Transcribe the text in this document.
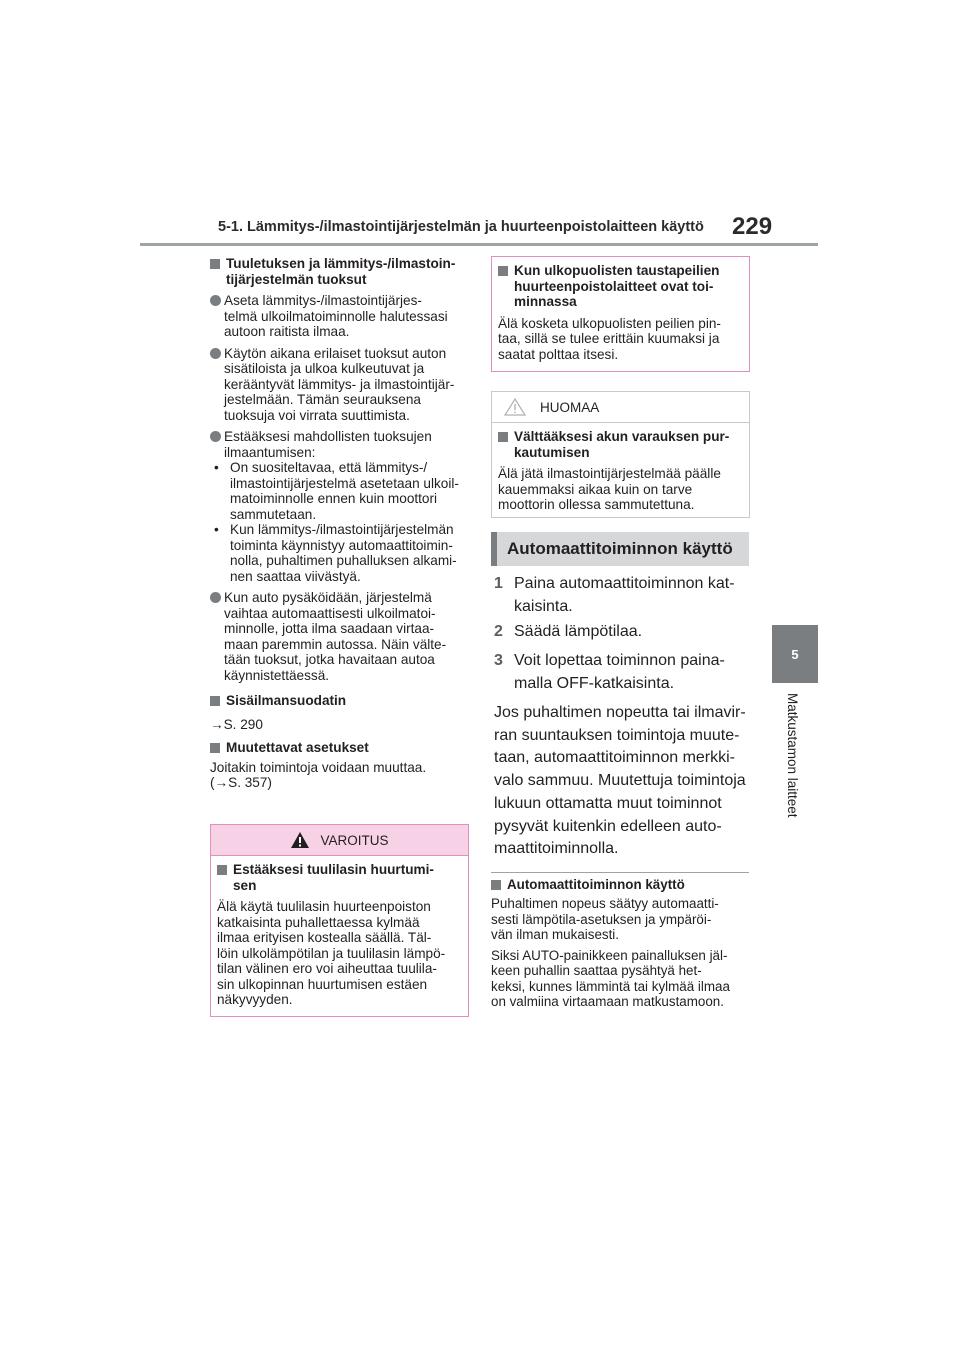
5-1. Lämmitys-/ilmastointijärjestelmän ja huurteenpoistolaitteen käyttö 229
5
Matkustamon laitteet
Tuuletuksen ja lämmitys-/ilmastoin-
tijärjestelmän tuoksut

Aseta lämmitys-/ilmastointijärjes-
telmä ulkoilmatoiminnolle halutessasi
autoon raitista ilmaa.

Käytön aikana erilaiset tuoksut auton
sisätiloista ja ulkoa kulkeutuvat ja
kerääntyvät lämmitys- ja ilmastointijär-
jestelmään. Tämän seurauksena
tuoksuja voi virrata suuttimista.

Estääksesi mahdollisten tuoksujen
ilmaantumisen:

• On suositeltavaa, että lämmitys-/
ilmastointijärjestelmä asetetaan ulkoil-
matoiminnolle ennen kuin moottori
sammutetaan.

• Kun lämmitys-/ilmastointijärjestelmän
toiminta käynnistyy automaattitoimin-
nolla, puhaltimen puhalluksen alkami-
nen saattaa viivästyä.

Kun auto pysäköidään, järjestelmä
vaihtaa automaattisesti ulkoilmatoi-
minnolle, jotta ilma saadaan virtaa-
maan paremmin autossa. Näin välte-
tään tuoksut, jotka havaitaan autoa
käynnistettäessä.

Sisäilmansuodatin

→S. 290

Muutettavat asetukset

Joitakin toimintoja voidaan muuttaa.
(→S. 357)

VAROITUS
Estääksesi tuulilasin huurtumi-
sen

Älä käytä tuulilasin huurteenpoiston
katkaisinta puhallettaessa kylmää
ilmaa erityisen kostealla säällä. Täl-
löin ulkolämpötilan ja tuulilasin lämpö-
tilan välinen ero voi aiheuttaa tuulila-
sin ulkopinnan huurtumisen estäen
näkyvyyden.

Kun ulkopuolisten taustapeilien
huurteenpoistolaitteet ovat toi-
minnassa

Älä kosketa ulkopuolisten peilien pin-
taa, sillä se tulee erittäin kuumaksi ja
saatat polttaa itsesi.

HUOMAA
Välttääksesi akun varauksen pur-
kautumisen

Älä jätä ilmastointijärjestelmää päälle
kauemmaksi aikaa kuin on tarve
moottorin ollessa sammutettuna.

Automaattitoiminnon käyttö
1 Paina automaattitoiminnon kat-
kaisinta.
2 Säädä lämpötilaa.
3 Voit lopettaa toiminnon paina-
malla OFF-katkaisinta.
Jos puhaltimen nopeutta tai ilmavir-
ran suuntauksen toimintoja muute-
taan, automaattitoiminnon merkki-
valo sammuu. Muutettuja toimintoja
lukuun ottamatta muut toiminnot
pysyvät kuitenkin edelleen auto-
maattitoiminnolla.
Automaattitoiminnon käyttö

Puhaltimen nopeus säätyy automaatti-
sesti lämpötila-asetuksen ja ympäröi-
vän ilman mukaisesti.

Siksi AUTO-painikkeen painalluksen jäl-
keen puhallin saattaa pysähtyä het-
keksi, kunnes lämmintä tai kylmää ilmaa
on valmiina virtaamaan matkustamoon.
